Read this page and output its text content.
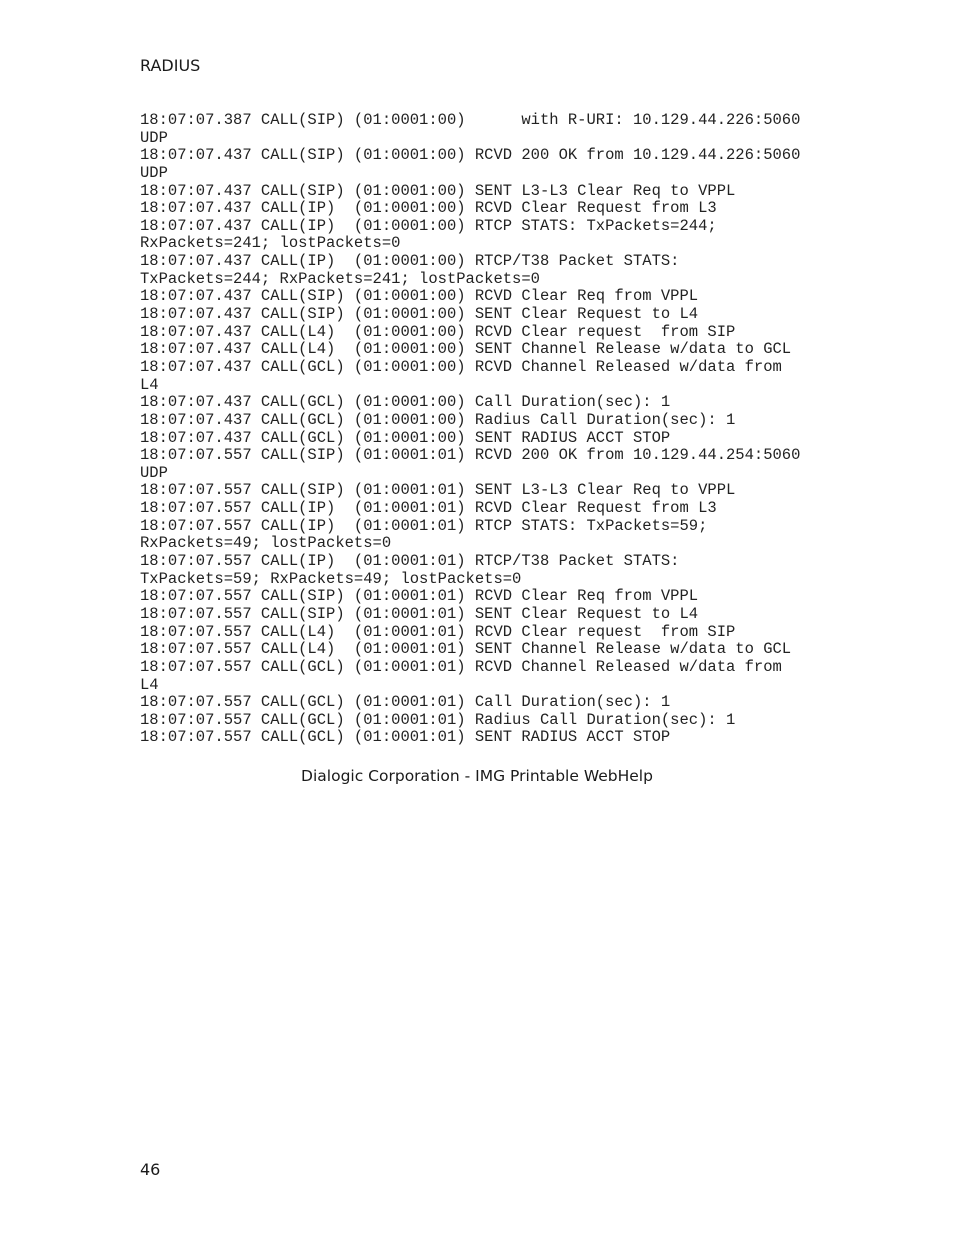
RADIUS
18:07:07.387 CALL(SIP) (01:0001:00)      with R-URI: 10.129.44.226:5060
UDP
18:07:07.437 CALL(SIP) (01:0001:00) RCVD 200 OK from 10.129.44.226:5060
UDP
18:07:07.437 CALL(SIP) (01:0001:00) SENT L3-L3 Clear Req to VPPL
18:07:07.437 CALL(IP)  (01:0001:00) RCVD Clear Request from L3
18:07:07.437 CALL(IP)  (01:0001:00) RTCP STATS: TxPackets=244;
RxPackets=241; lostPackets=0
18:07:07.437 CALL(IP)  (01:0001:00) RTCP/T38 Packet STATS:
TxPackets=244; RxPackets=241; lostPackets=0
18:07:07.437 CALL(SIP) (01:0001:00) RCVD Clear Req from VPPL
18:07:07.437 CALL(SIP) (01:0001:00) SENT Clear Request to L4
18:07:07.437 CALL(L4)  (01:0001:00) RCVD Clear request  from SIP
18:07:07.437 CALL(L4)  (01:0001:00) SENT Channel Release w/data to GCL
18:07:07.437 CALL(GCL) (01:0001:00) RCVD Channel Released w/data from
L4
18:07:07.437 CALL(GCL) (01:0001:00) Call Duration(sec): 1
18:07:07.437 CALL(GCL) (01:0001:00) Radius Call Duration(sec): 1
18:07:07.437 CALL(GCL) (01:0001:00) SENT RADIUS ACCT STOP
18:07:07.557 CALL(SIP) (01:0001:01) RCVD 200 OK from 10.129.44.254:5060
UDP
18:07:07.557 CALL(SIP) (01:0001:01) SENT L3-L3 Clear Req to VPPL
18:07:07.557 CALL(IP)  (01:0001:01) RCVD Clear Request from L3
18:07:07.557 CALL(IP)  (01:0001:01) RTCP STATS: TxPackets=59;
RxPackets=49; lostPackets=0
18:07:07.557 CALL(IP)  (01:0001:01) RTCP/T38 Packet STATS:
TxPackets=59; RxPackets=49; lostPackets=0
18:07:07.557 CALL(SIP) (01:0001:01) RCVD Clear Req from VPPL
18:07:07.557 CALL(SIP) (01:0001:01) SENT Clear Request to L4
18:07:07.557 CALL(L4)  (01:0001:01) RCVD Clear request  from SIP
18:07:07.557 CALL(L4)  (01:0001:01) SENT Channel Release w/data to GCL
18:07:07.557 CALL(GCL) (01:0001:01) RCVD Channel Released w/data from
L4
18:07:07.557 CALL(GCL) (01:0001:01) Call Duration(sec): 1
18:07:07.557 CALL(GCL) (01:0001:01) Radius Call Duration(sec): 1
18:07:07.557 CALL(GCL) (01:0001:01) SENT RADIUS ACCT STOP
Dialogic Corporation - IMG Printable WebHelp
46
